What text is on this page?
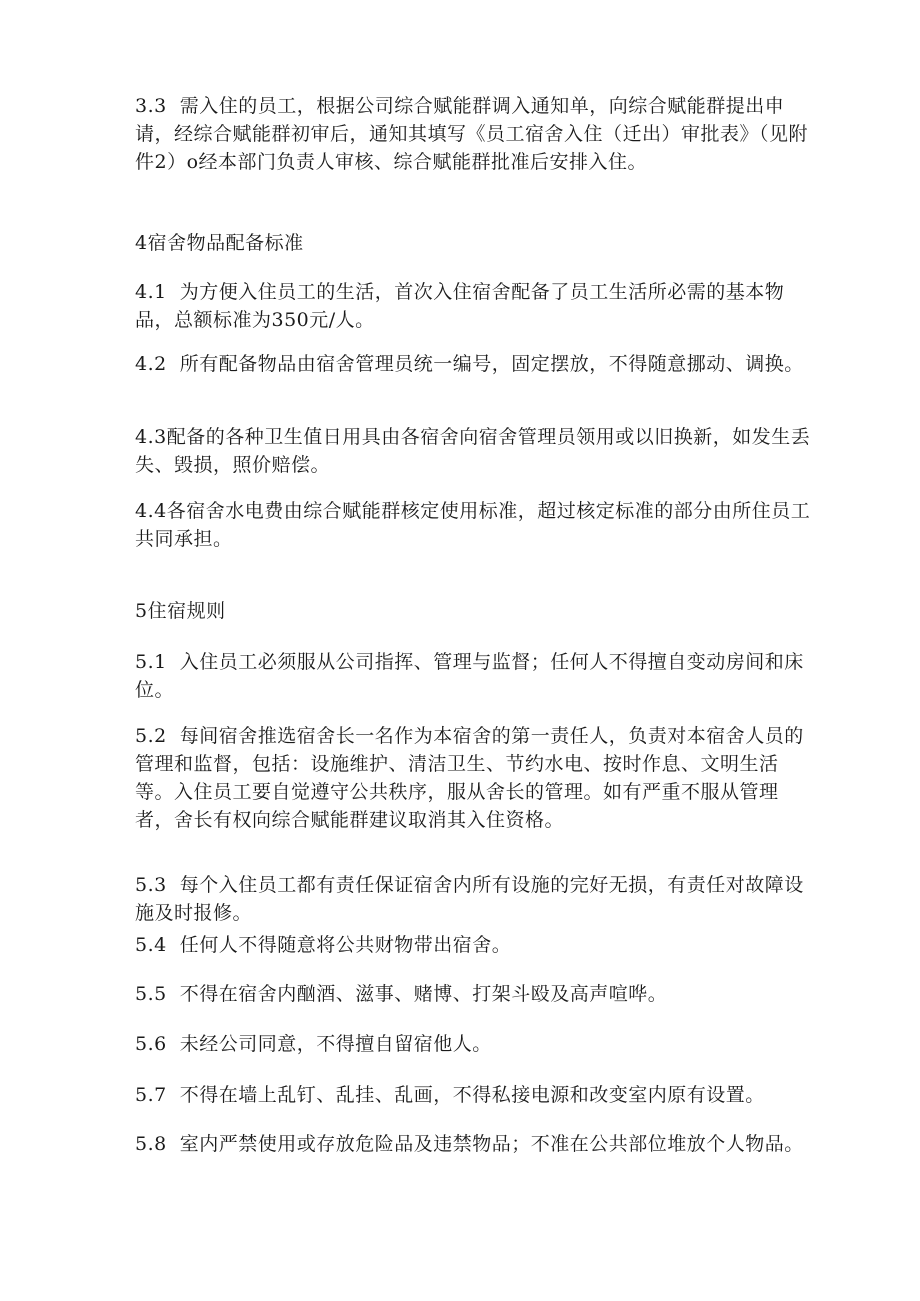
3.3  需入住的员工，根据公司综合赋能群调入通知单，向综合赋能群提出申请，经综合赋能群初审后，通知其填写《员工宿舍入住（迁出）审批表》（见附件2）o经本部门负责人审核、综合赋能群批准后安排入住。

4宿舍物品配备标准

4.1  为方便入住员工的生活，首次入住宿舍配备了员工生活所必需的基本物品，总额标准为350元/人。

4.2  所有配备物品由宿舍管理员统一编号，固定摆放，不得随意挪动、调换。

4.3配备的各种卫生值日用具由各宿舍向宿舍管理员领用或以旧换新，如发生丢失、毁损，照价赔偿。

4.4各宿舍水电费由综合赋能群核定使用标准，超过核定标准的部分由所住员工共同承担。

5住宿规则

5.1  入住员工必须服从公司指挥、管理与监督；任何人不得擅自变动房间和床位。

5.2  每间宿舍推选宿舍长一名作为本宿舍的第一责任人，负责对本宿舍人员的管理和监督，包括：设施维护、清洁卫生、节约水电、按时作息、文明生活等。入住员工要自觉遵守公共秩序，服从舍长的管理。如有严重不服从管理者，舍长有权向综合赋能群建议取消其入住资格。

5.3  每个入住员工都有责任保证宿舍内所有设施的完好无损，有责任对故障设施及时报修。

5.4  任何人不得随意将公共财物带出宿舍。

5.5  不得在宿舍内酗酒、滋事、赌博、打架斗殴及高声喧哗。

5.6  未经公司同意，不得擅自留宿他人。

5.7  不得在墙上乱钉、乱挂、乱画，不得私接电源和改变室内原有设置。

5.8  室内严禁使用或存放危险品及违禁物品；不准在公共部位堆放个人物品。
